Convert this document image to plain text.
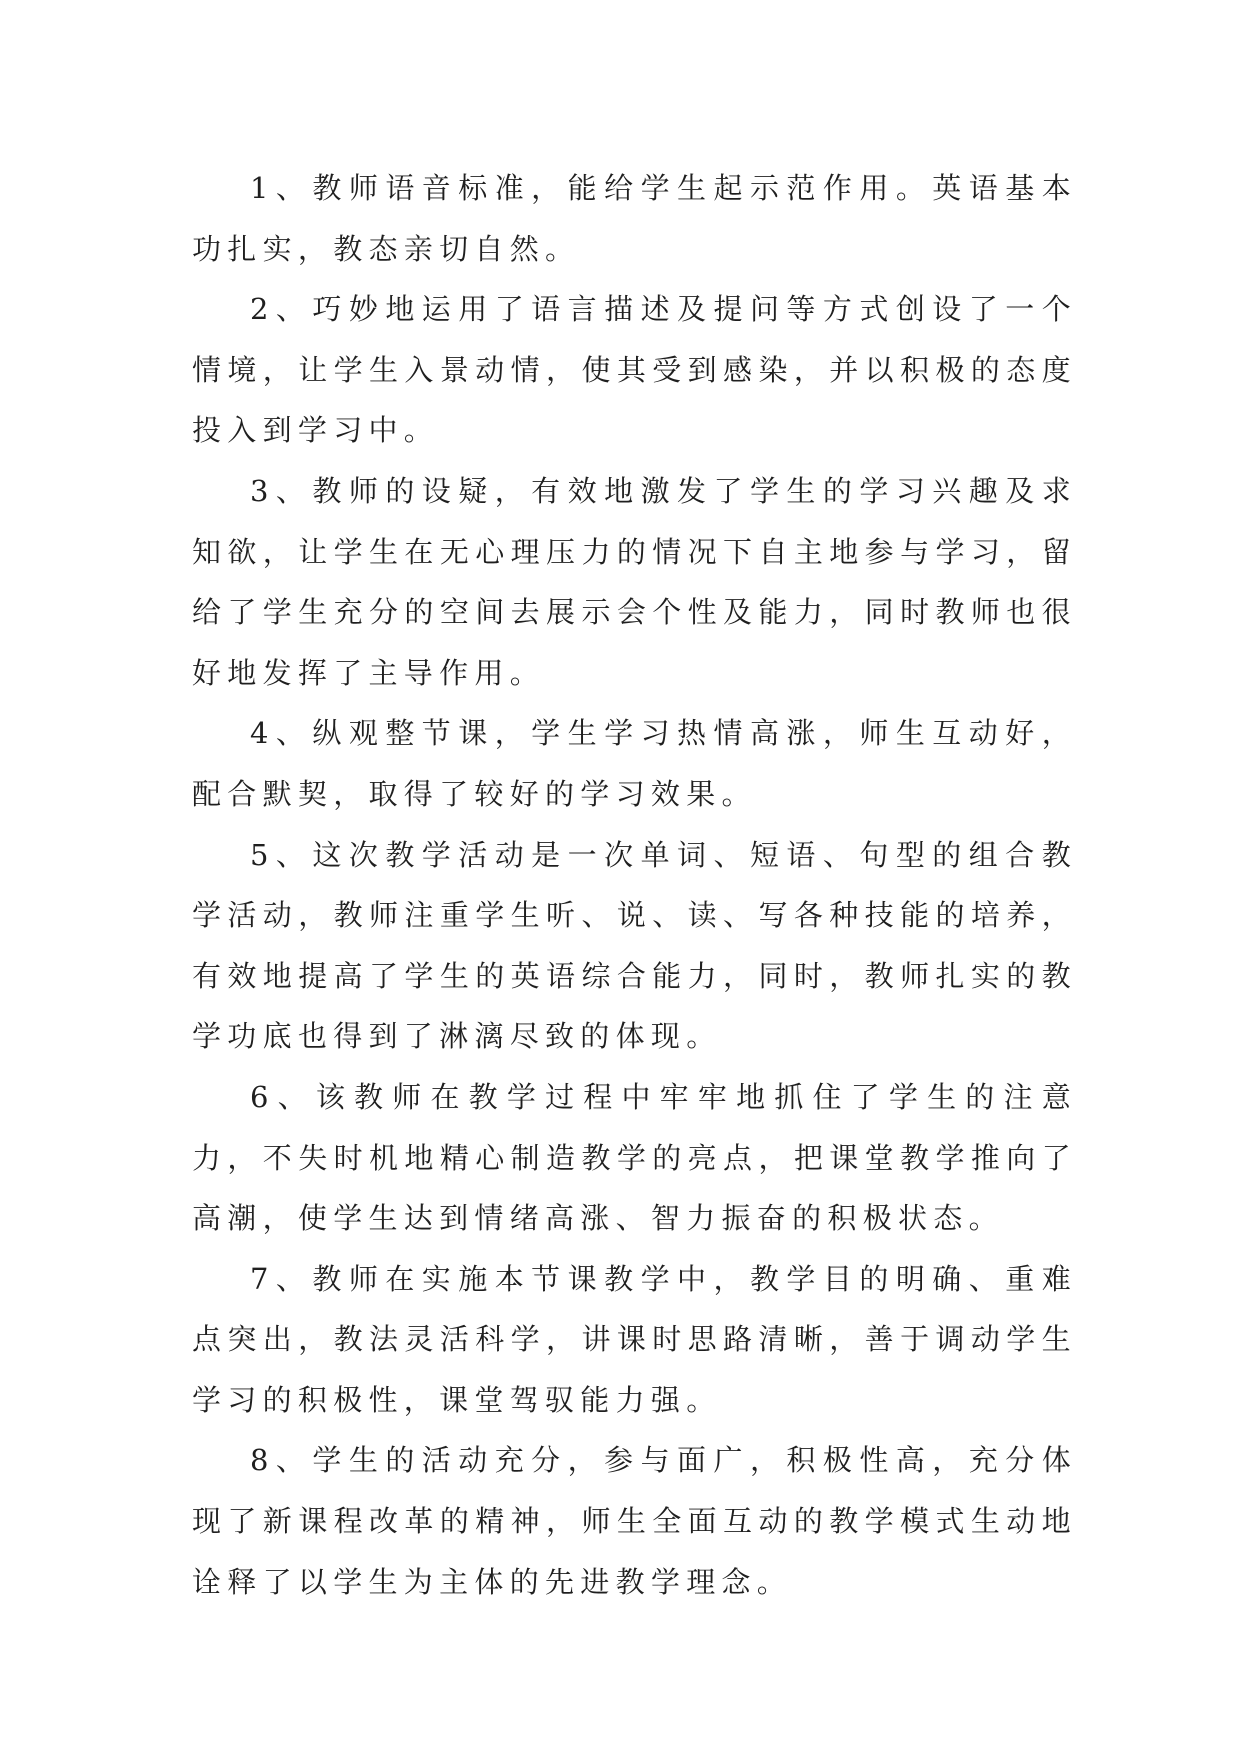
1、教师语音标准，能给学生起示范作用。英语基本功扎实，教态亲切自然。

2、巧妙地运用了语言描述及提问等方式创设了一个情境，让学生入景动情，使其受到感染，并以积极的态度投入到学习中。

3、教师的设疑，有效地激发了学生的学习兴趣及求知欲，让学生在无心理压力的情况下自主地参与学习，留给了学生充分的空间去展示会个性及能力，同时教师也很好地发挥了主导作用。

4、纵观整节课，学生学习热情高涨，师生互动好，配合默契，取得了较好的学习效果。

5、这次教学活动是一次单词、短语、句型的组合教学活动，教师注重学生听、说、读、写各种技能的培养，有效地提高了学生的英语综合能力，同时，教师扎实的教学功底也得到了淋漓尽致的体现。

6、该教师在教学过程中牢牢地抓住了学生的注意力，不失时机地精心制造教学的亮点，把课堂教学推向了高潮，使学生达到情绪高涨、智力振奋的积极状态。

7、教师在实施本节课教学中，教学目的明确、重难点突出，教法灵活科学，讲课时思路清晰，善于调动学生学习的积极性，课堂驾驭能力强。

8、学生的活动充分，参与面广，积极性高，充分体现了新课程改革的精神，师生全面互动的教学模式生动地诠释了以学生为主体的先进教学理念。
